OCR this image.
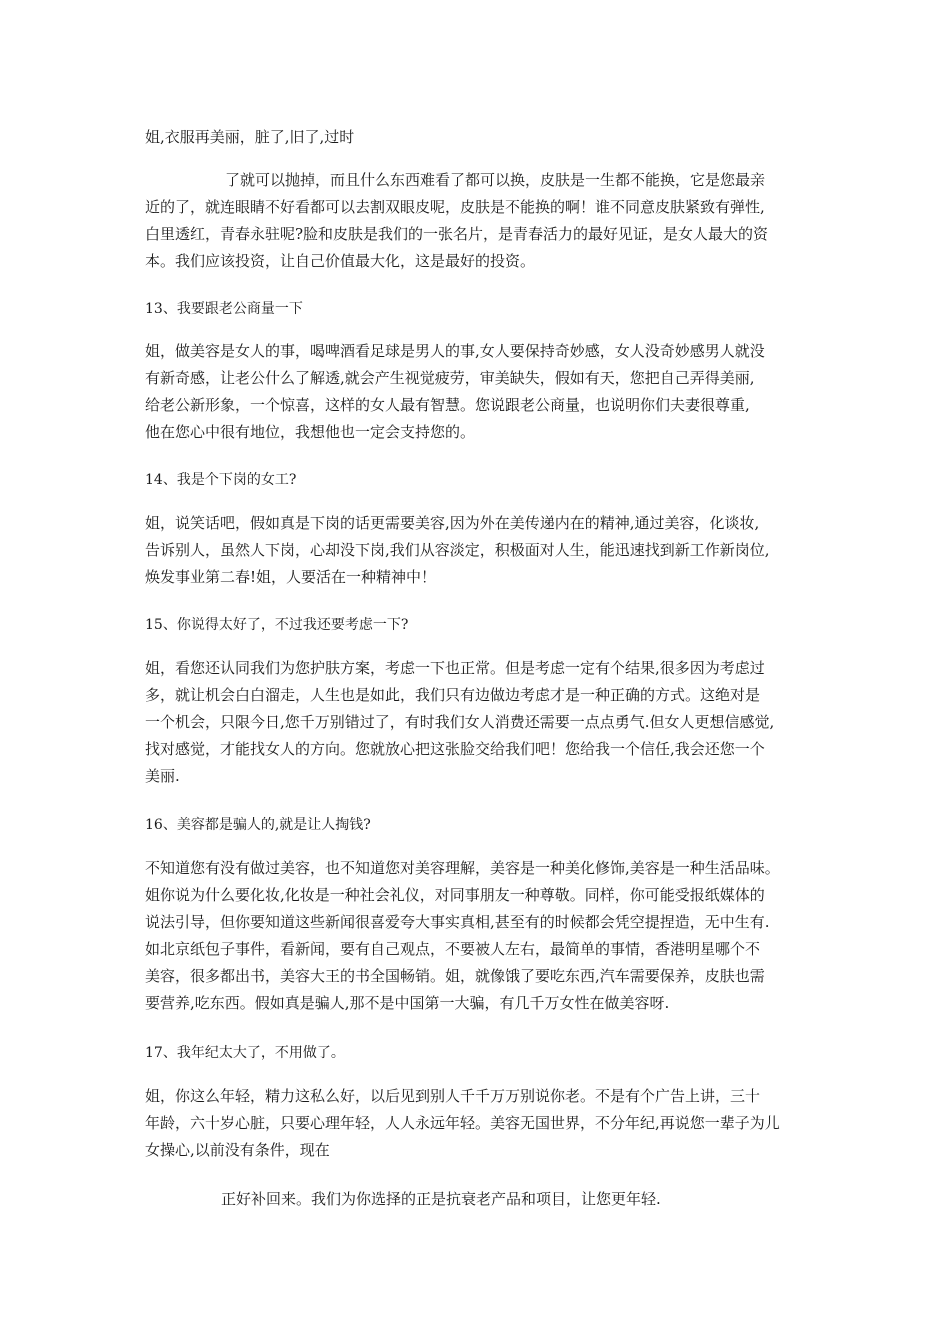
姐,衣服再美丽，脏了,旧了,过时

了就可以抛掉，而且什么东西难看了都可以换，皮肤是一生都不能换，它是您最亲
近的了，就连眼睛不好看都可以去割双眼皮呢，皮肤是不能换的啊！谁不同意皮肤紧致有弹性,
白里透红，青春永驻呢?脸和皮肤是我们的一张名片，是青春活力的最好见证，是女人最大的资
本。我们应该投资，让自己价值最大化，这是最好的投资。

13、我要跟老公商量一下

姐，做美容是女人的事，喝啤酒看足球是男人的事,女人要保持奇妙感，女人没奇妙感男人就没
有新奇感，让老公什么了解透,就会产生视觉疲劳，审美缺失，假如有天，您把自己弄得美丽,
给老公新形象，一个惊喜，这样的女人最有智慧。您说跟老公商量，也说明你们夫妻很尊重,
他在您心中很有地位，我想他也一定会支持您的。

14、我是个下岗的女工?

姐，说笑话吧，假如真是下岗的话更需要美容,因为外在美传递内在的精神,通过美容，化谈妆,
告诉别人，虽然人下岗，心却没下岗,我们从容淡定，积极面对人生，能迅速找到新工作新岗位,
焕发事业第二春!姐，人要活在一种精神中！

15、你说得太好了，不过我还要考虑一下?

姐，看您还认同我们为您护肤方案，考虑一下也正常。但是考虑一定有个结果,很多因为考虑过
多，就让机会白白溜走，人生也是如此，我们只有边做边考虑才是一种正确的方式。这绝对是
一个机会，只限今日,您千万别错过了，有时我们女人消费还需要一点点勇气.但女人更想信感觉,
找对感觉，才能找女人的方向。您就放心把这张脸交给我们吧！您给我一个信任,我会还您一个
美丽.

16、美容都是骗人的,就是让人掏钱?

不知道您有没有做过美容，也不知道您对美容理解，美容是一种美化修饰,美容是一种生活品味。
姐你说为什么要化妆,化妆是一种社会礼仪，对同事朋友一种尊敬。同样，你可能受报纸媒体的
说法引导，但你要知道这些新闻很喜爱夸大事实真相,甚至有的时候都会凭空提捏造，无中生有.
如北京纸包子事件，看新闻，要有自己观点，不要被人左右，最简单的事情，香港明星哪个不
美容，很多都出书，美容大王的书全国畅销。姐，就像饿了要吃东西,汽车需要保养，皮肤也需
要营养,吃东西。假如真是骗人,那不是中国第一大骗，有几千万女性在做美容呀.

17、我年纪太大了，不用做了。

姐，你这么年轻，精力这私么好，以后见到别人千千万万别说你老。不是有个广告上讲，三十
年龄，六十岁心脏，只要心理年轻，人人永远年轻。美容无国世界，不分年纪,再说您一辈子为儿
女操心,以前没有条件，现在

正好补回来。我们为你选择的正是抗衰老产品和项目，让您更年轻.
